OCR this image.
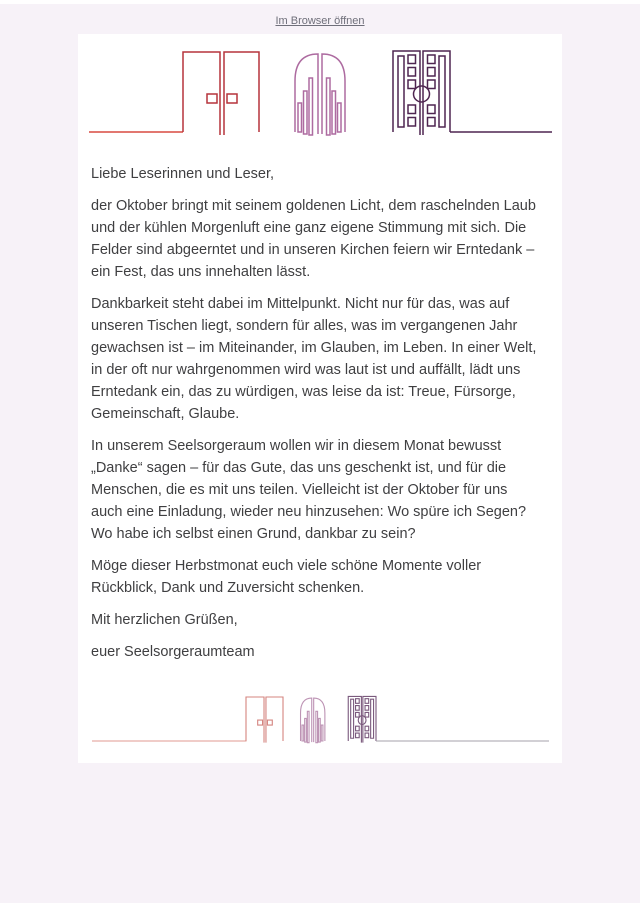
Im Browser öffnen

Liebe Leserinnen und Leser,

der Oktober bringt mit seinem goldenen Licht, dem raschelnden Laub und der kühlen Morgenluft eine ganz eigene Stimmung mit sich. Die Felder sind abgeerntet und in unseren Kirchen feiern wir Erntedank – ein Fest, das uns innehalten lässt.

Dankbarkeit steht dabei im Mittelpunkt. Nicht nur für das, was auf unseren Tischen liegt, sondern für alles, was im vergangenen Jahr gewachsen ist – im Miteinander, im Glauben, im Leben. In einer Welt, in der oft nur wahrgenommen wird was laut ist und auffällt, lädt uns Erntedank ein, das zu würdigen, was leise da ist: Treue, Fürsorge, Gemeinschaft, Glaube.

In unserem Seelsorgeraum wollen wir in diesem Monat bewusst „Danke“ sagen – für das Gute, das uns geschenkt ist, und für die Menschen, die es mit uns teilen. Vielleicht ist der Oktober für uns auch eine Einladung, wieder neu hinzusehen: Wo spüre ich Segen? Wo habe ich selbst einen Grund, dankbar zu sein?

Möge dieser Herbstmonat euch viele schöne Momente voller Rückblick, Dank und Zuversicht schenken.

Mit herzlichen Grüßen,

euer Seelsorgeraumteam
